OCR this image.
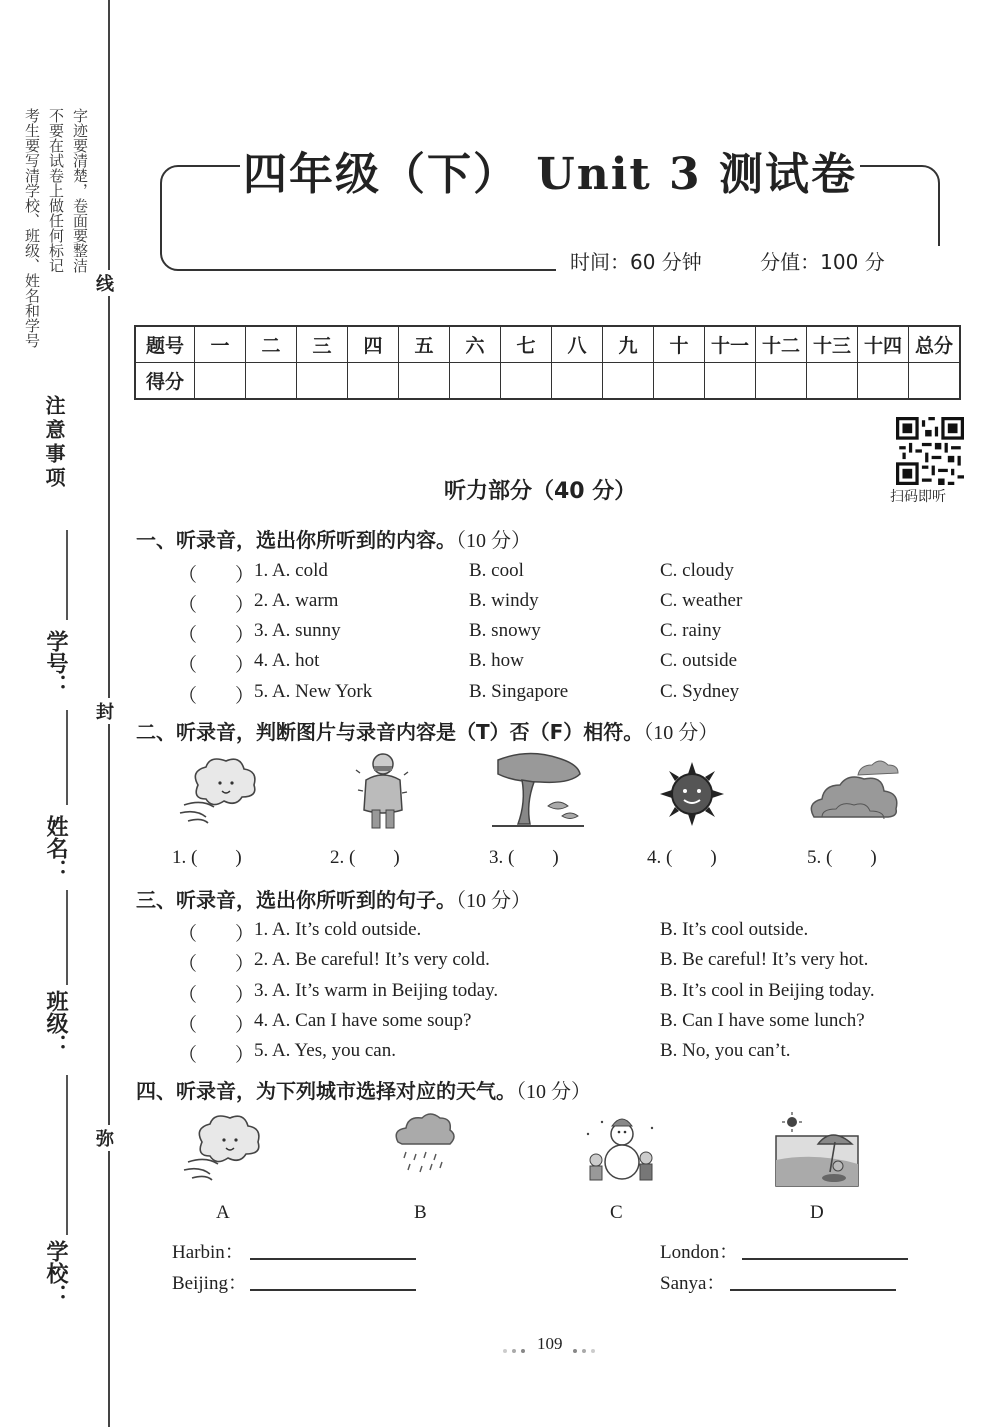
考生要写清学校、班级、姓名和学号 不要在试卷上做任何标记 字迹要清楚，卷面要整洁
注意事项
学号：
姓名：
班级：
学校：
线
封
弥
四年级（下） Unit 3 测试卷
时间：60 分钟	分值：100 分
题号	一	二	三	四	五	六	七	八	九	十	十一	十二	十三	十四	总分
得分															
扫码即听
听力部分（40 分）
一、听录音，选出你所听到的内容。（10 分）
（　　） 1. A. cold	B. cool	C. cloudy
（　　） 2. A. warm	B. windy	C. weather
（　　） 3. A. sunny	B. snowy	C. rainy
（　　） 4. A. hot	B. how	C. outside
（　　） 5. A. New York	B. Singapore	C. Sydney
二、听录音，判断图片与录音内容是（T）否（F）相符。（10 分）
1. (　　)	2. (　　)	3. (　　)	4. (　　)	5. (　　)
三、听录音，选出你所听到的句子。（10 分）
（　　） 1. A. It’s cold outside.	B. It’s cool outside.
（　　） 2. A. Be careful! It’s very cold.	B. Be careful! It’s very hot.
（　　） 3. A. It’s warm in Beijing today.	B. It’s cool in Beijing today.
（　　） 4. A. Can I have some soup?	B. Can I have some lunch?
（　　） 5. A. Yes, you can.	B. No, you can’t.
四、听录音，为下列城市选择对应的天气。（10 分）
A	B	C	D
Harbin：
Beijing：
London：
Sanya：
109
